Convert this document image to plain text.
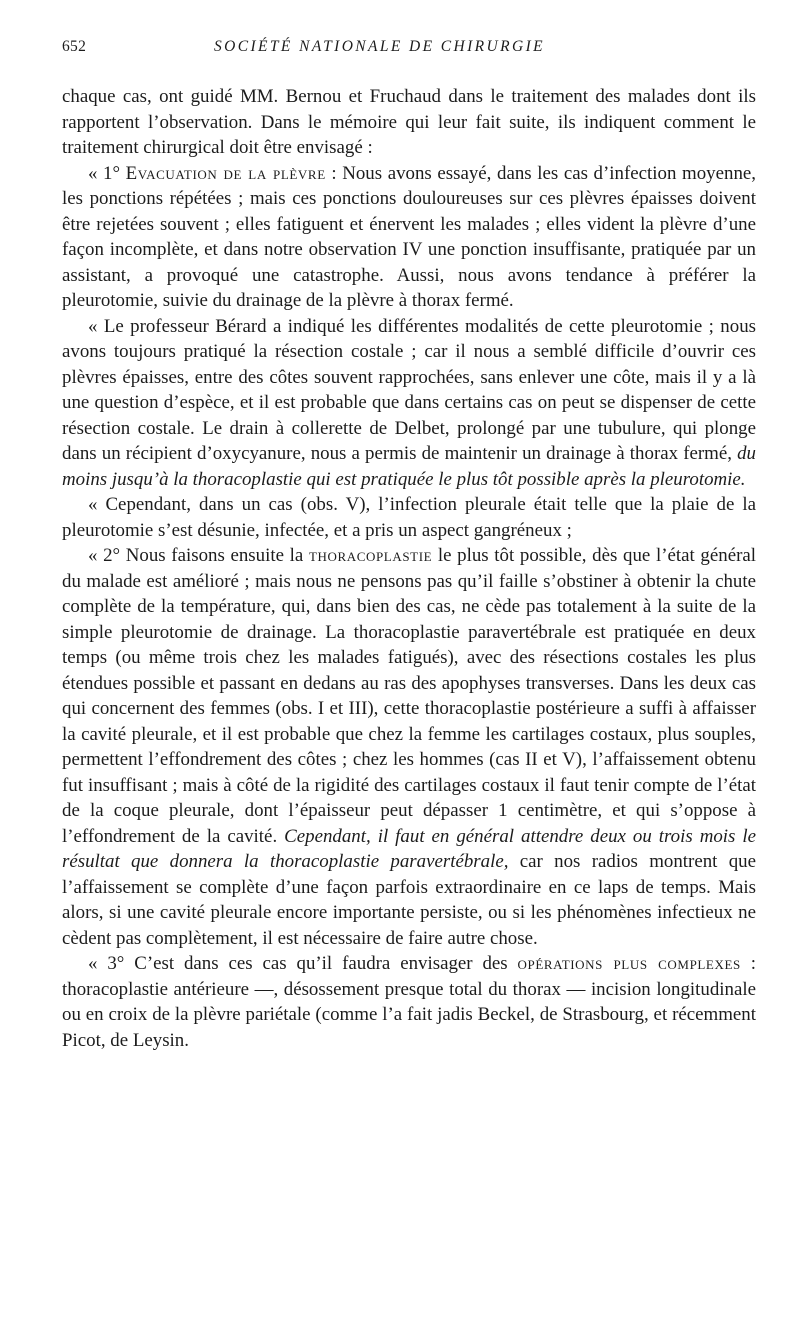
652	SOCIÉTÉ NATIONALE DE CHIRURGIE

chaque cas, ont guidé MM. Bernou et Fruchaud dans le traitement des malades dont ils rapportent l’observation. Dans le mémoire qui leur fait suite, ils indiquent comment le traitement chirurgical doit être envisagé :

« 1° Evacuation de la plèvre : Nous avons essayé, dans les cas d’infection moyenne, les ponctions répétées ; mais ces ponctions douloureuses sur ces plèvres épaisses doivent être rejetées souvent ; elles fatiguent et énervent les malades ; elles vident la plèvre d’une façon incomplète, et dans notre observation IV une ponction insuffisante, pratiquée par un assistant, a provoqué une catastrophe. Aussi, nous avons tendance à préférer la pleurotomie, suivie du drainage de la plèvre à thorax fermé.

« Le professeur Bérard a indiqué les différentes modalités de cette pleurotomie ; nous avons toujours pratiqué la résection costale ; car il nous a semblé difficile d’ouvrir ces plèvres épaisses, entre des côtes souvent rapprochées, sans enlever une côte, mais il y a là une question d’espèce, et il est probable que dans certains cas on peut se dispenser de cette résection costale. Le drain à collerette de Delbet, prolongé par une tubulure, qui plonge dans un récipient d’oxycyanure, nous a permis de maintenir un drainage à thorax fermé, du moins jusqu’à la thoracoplastie qui est pratiquée le plus tôt possible après la pleurotomie.

« Cependant, dans un cas (obs. V), l’infection pleurale était telle que la plaie de la pleurotomie s’est désunie, infectée, et a pris un aspect gangréneux ;

« 2° Nous faisons ensuite la thoracoplastie le plus tôt possible, dès que l’état général du malade est amélioré ; mais nous ne pensons pas qu’il faille s’obstiner à obtenir la chute complète de la température, qui, dans bien des cas, ne cède pas totalement à la suite de la simple pleurotomie de drainage. La thoracoplastie paravertébrale est pratiquée en deux temps (ou même trois chez les malades fatigués), avec des résections costales les plus étendues possible et passant en dedans au ras des apophyses transverses. Dans les deux cas qui concernent des femmes (obs. I et III), cette thoracoplastie postérieure a suffi à affaisser la cavité pleurale, et il est probable que chez la femme les cartilages costaux, plus souples, permettent l’effondrement des côtes ; chez les hommes (cas II et V), l’affaissement obtenu fut insuffisant ; mais à côté de la rigidité des cartilages costaux il faut tenir compte de l’état de la coque pleurale, dont l’épaisseur peut dépasser 1 centimètre, et qui s’oppose à l’effondrement de la cavité. Cependant, il faut en général attendre deux ou trois mois le résultat que donnera la thoracoplastie paravertébrale, car nos radios montrent que l’affaissement se complète d’une façon parfois extraordinaire en ce laps de temps. Mais alors, si une cavité pleurale encore importante persiste, ou si les phénomènes infectieux ne cèdent pas complètement, il est nécessaire de faire autre chose.

« 3° C’est dans ces cas qu’il faudra envisager des opérations plus complexes : thoracoplastie antérieure —, désossement presque total du thorax — incision longitudinale ou en croix de la plèvre pariétale (comme l’a fait jadis Beckel, de Strasbourg, et récemment Picot, de Leysin.
